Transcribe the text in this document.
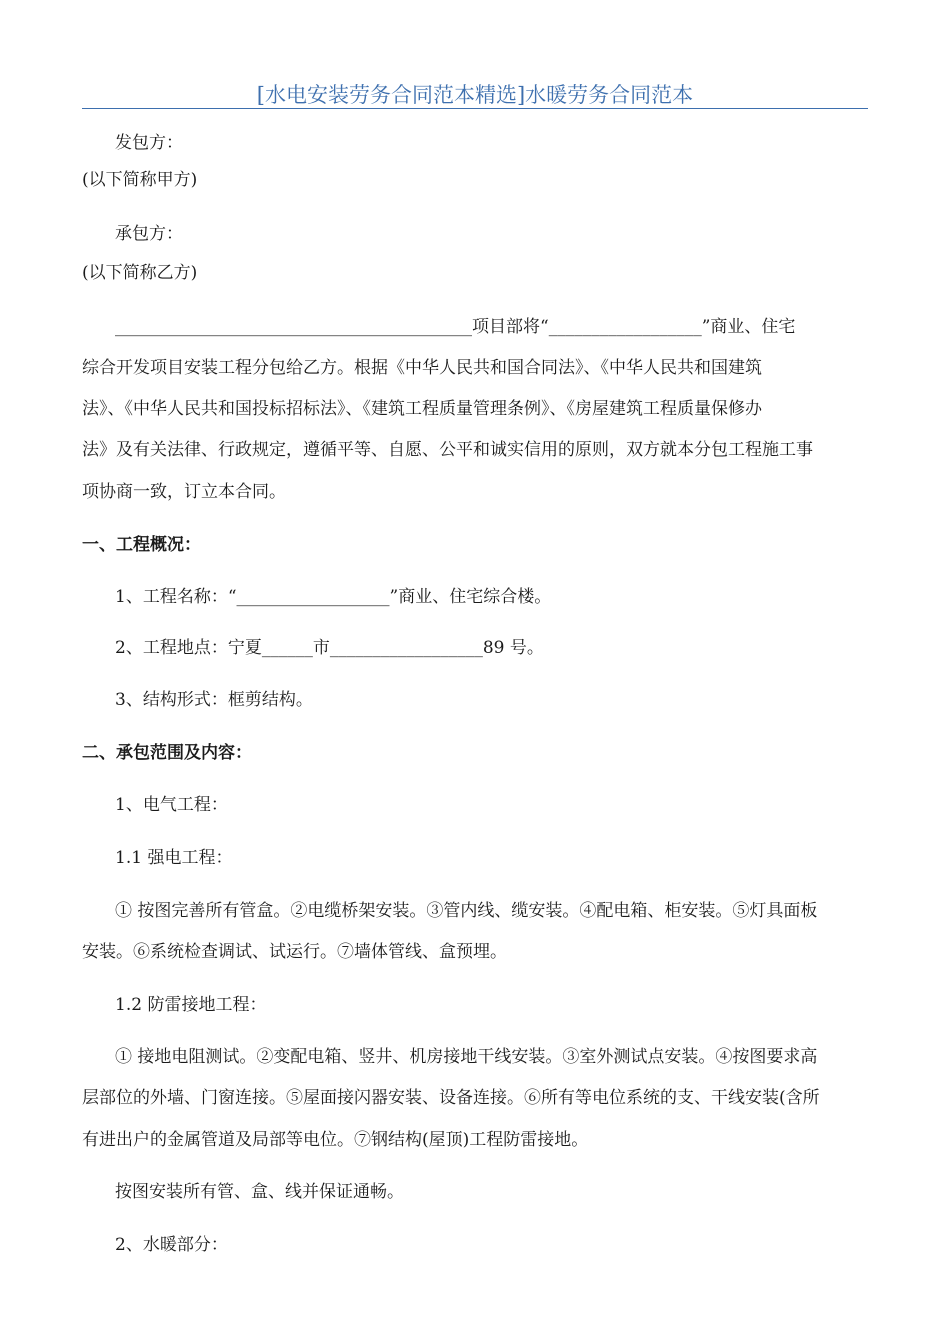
[水电安装劳务合同范本精选]水暖劳务合同范本
发包方：
(以下简称甲方)
承包方：
(以下简称乙方)
__________________________________________项目部将“__________________”商业、住宅
综合开发项目安装工程分包给乙方。根据《中华人民共和国合同法》、《中华人民共和国建筑
法》、《中华人民共和国投标招标法》、《建筑工程质量管理条例》、《房屋建筑工程质量保修办
法》及有关法律、行政规定，遵循平等、自愿、公平和诚实信用的原则，双方就本分包工程施工事
项协商一致，订立本合同。
一、工程概况：
1、工程名称：“__________________”商业、住宅综合楼。
2、工程地点：宁夏______市__________________89 号。
3、结构形式：框剪结构。
二、承包范围及内容：
1、电气工程：
1.1 强电工程：
① 按图完善所有管盒。②电缆桥架安装。③管内线、缆安装。④配电箱、柜安装。⑤灯具面板
安装。⑥系统检查调试、试运行。⑦墙体管线、盒预埋。
1.2 防雷接地工程：
① 接地电阻测试。②变配电箱、竖井、机房接地干线安装。③室外测试点安装。④按图要求高
层部位的外墙、门窗连接。⑤屋面接闪器安装、设备连接。⑥所有等电位系统的支、干线安装(含所
有进出户的金属管道及局部等电位。⑦钢结构(屋顶)工程防雷接地。
按图安装所有管、盒、线并保证通畅。
2、水暖部分：
